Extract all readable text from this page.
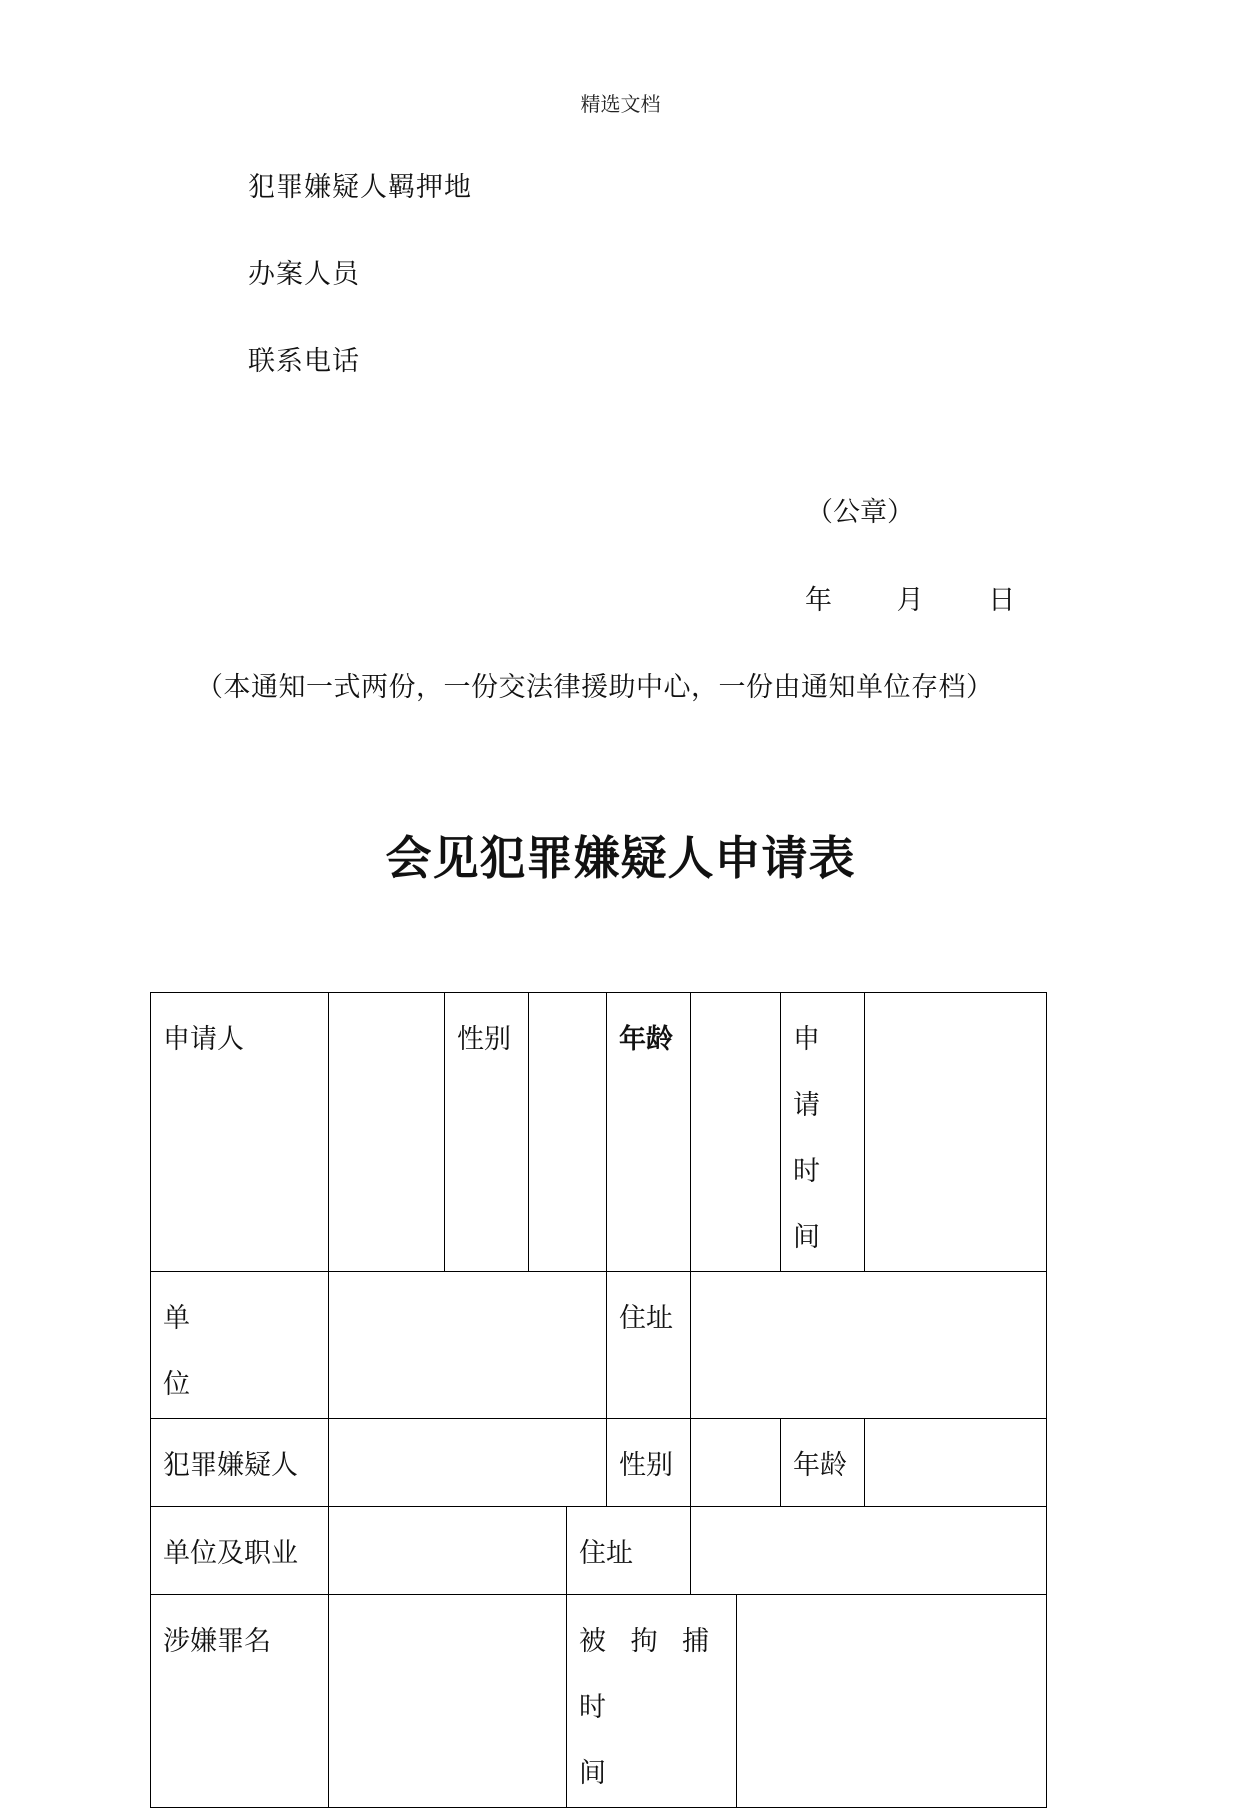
精选文档
犯罪嫌疑人羁押地
办案人员
联系电话
（公章）
年 月 日
（本通知一式两份，一份交法律援助中心，一份由通知单位存档）
会见犯罪嫌疑人申请表
申请人		性别			年龄			申 请 时
间	

单 位					住址				
犯罪嫌疑人					性别			年龄	
单位及职业				住址					
涉嫌罪名				被 拘 捕 时
间					
